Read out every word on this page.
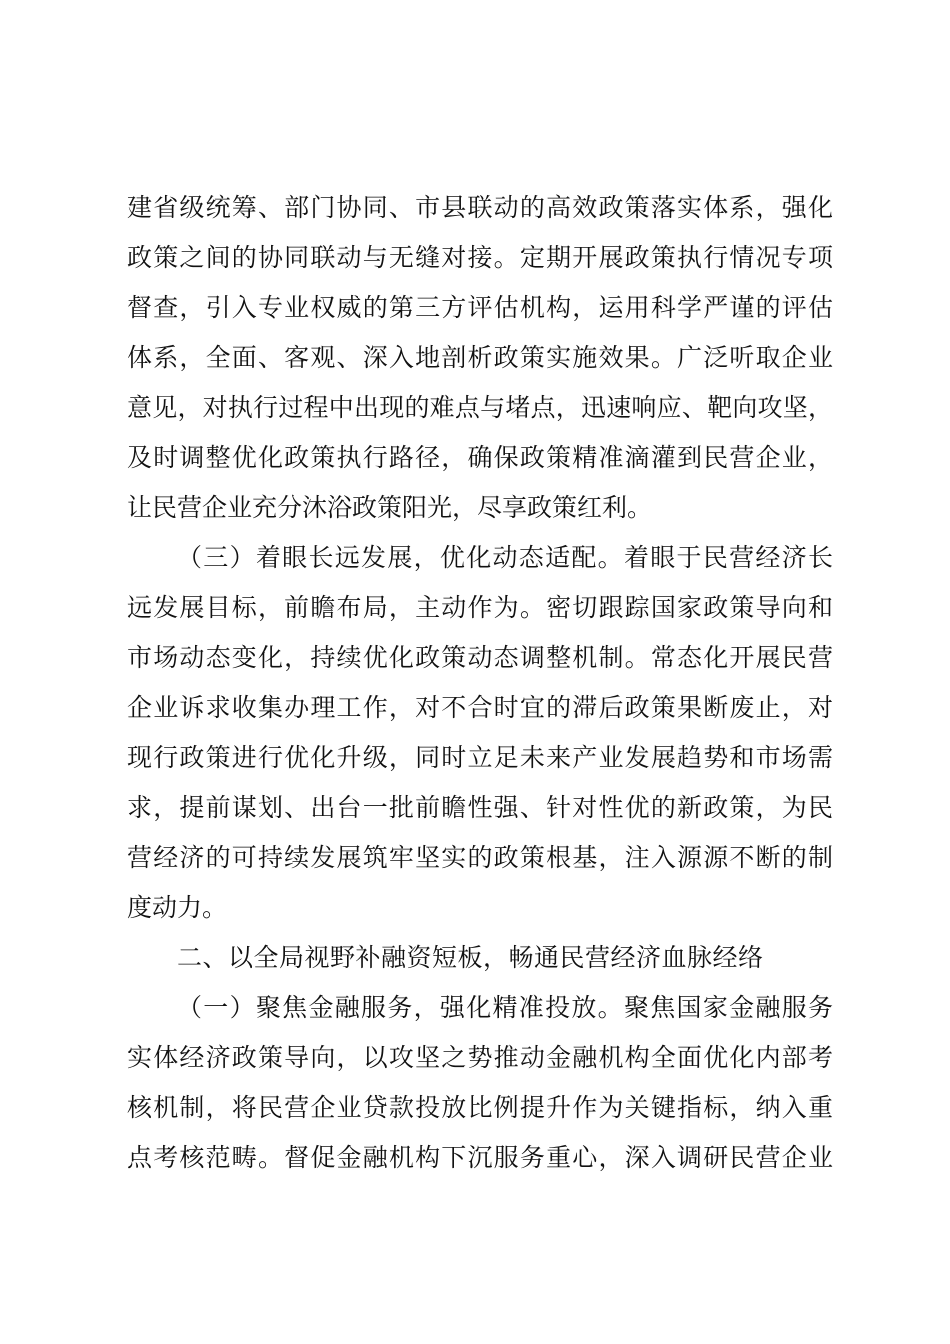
建省级统筹、部门协同、市县联动的高效政策落实体系，强化
政策之间的协同联动与无缝对接。定期开展政策执行情况专项
督查，引入专业权威的第三方评估机构，运用科学严谨的评估
体系，全面、客观、深入地剖析政策实施效果。广泛听取企业
意见，对执行过程中出现的难点与堵点，迅速响应、靶向攻坚，
及时调整优化政策执行路径，确保政策精准滴灌到民营企业，
让民营企业充分沐浴政策阳光，尽享政策红利。
（三）着眼长远发展，优化动态适配。着眼于民营经济长
远发展目标，前瞻布局，主动作为。密切跟踪国家政策导向和
市场动态变化，持续优化政策动态调整机制。常态化开展民营
企业诉求收集办理工作，对不合时宜的滞后政策果断废止，对
现行政策进行优化升级，同时立足未来产业发展趋势和市场需
求，提前谋划、出台一批前瞻性强、针对性优的新政策，为民
营经济的可持续发展筑牢坚实的政策根基，注入源源不断的制
度动力。
二、以全局视野补融资短板，畅通民营经济血脉经络
（一）聚焦金融服务，强化精准投放。聚焦国家金融服务
实体经济政策导向，以攻坚之势推动金融机构全面优化内部考
核机制，将民营企业贷款投放比例提升作为关键指标，纳入重
点考核范畴。督促金融机构下沉服务重心，深入调研民营企业
